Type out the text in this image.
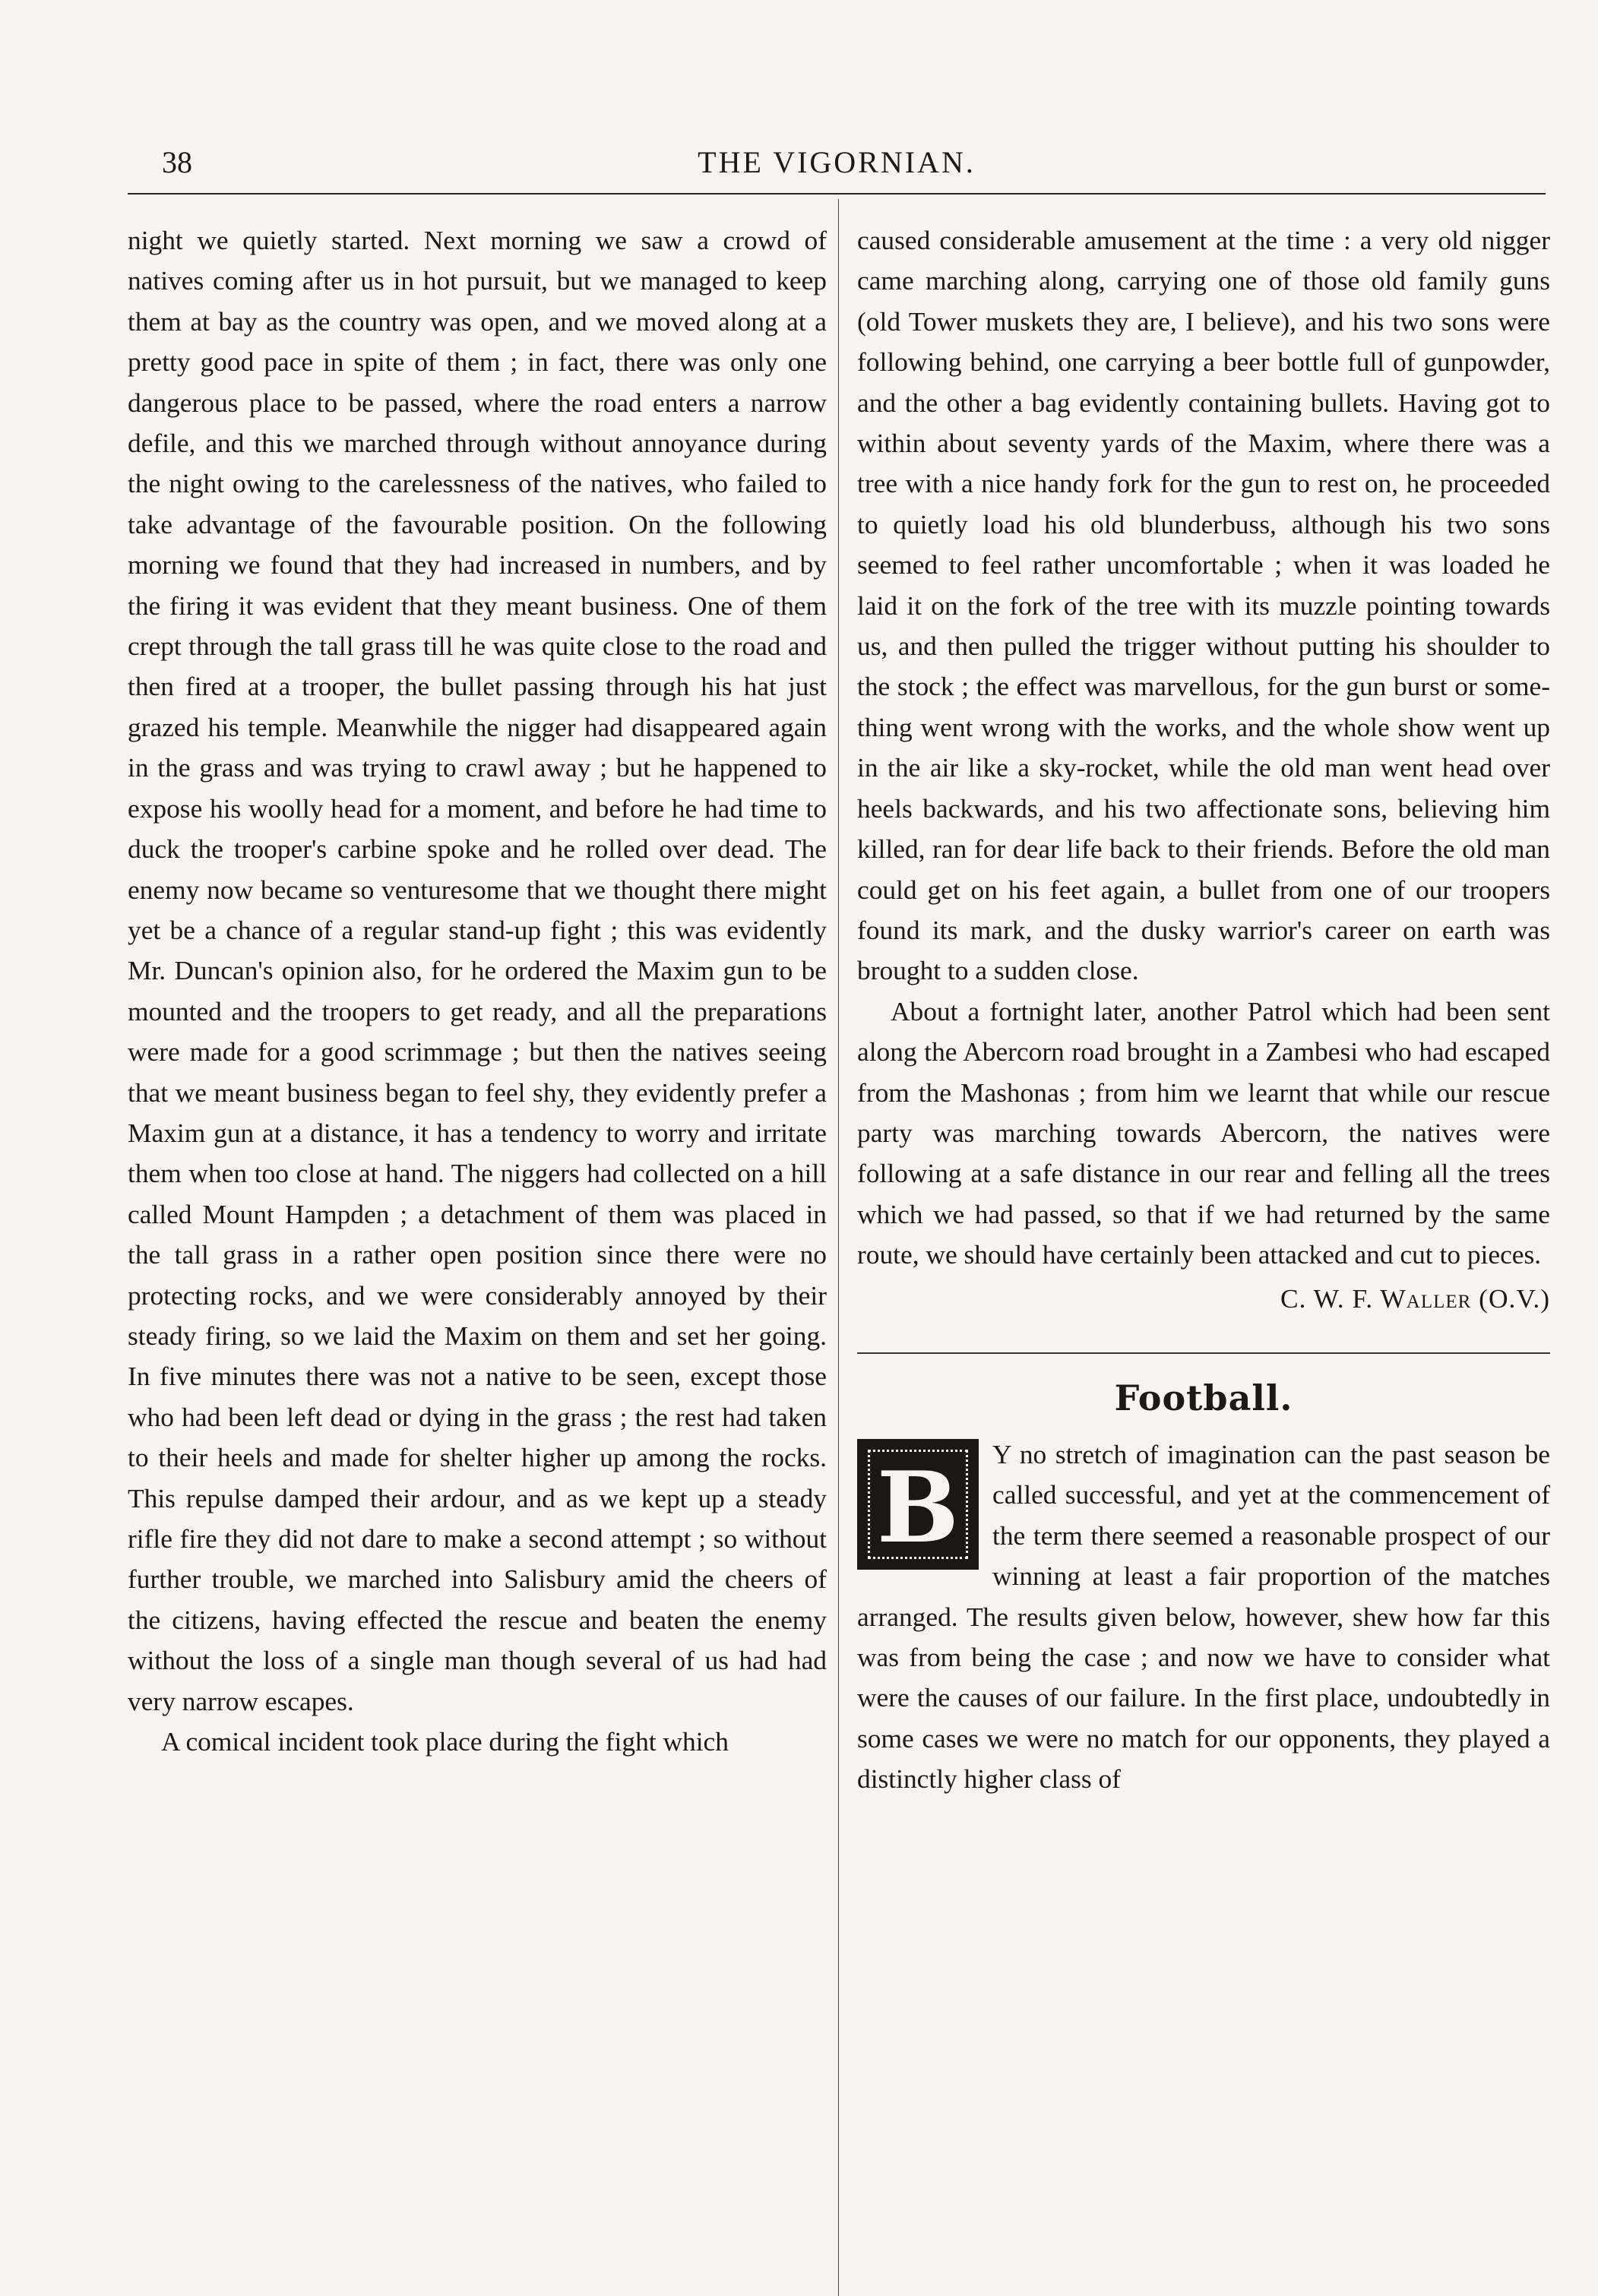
38	THE VIGORNIAN.

night we quietly started. Next morning we saw a crowd of natives coming after us in hot pursuit, but we managed to keep them at bay as the country was open, and we moved along at a pretty good pace in spite of them ; in fact, there was only one dangerous place to be passed, where the road enters a narrow defile, and this we marched through without annoyance during the night owing to the carelessness of the natives, who failed to take advantage of the favourable position. On the following morning we found that they had increased in numbers, and by the firing it was evident that they meant business. One of them crept through the tall grass till he was quite close to the road and then fired at a trooper, the bullet passing through his hat just grazed his temple. Meanwhile the nigger had disappeared again in the grass and was trying to crawl away ; but he happened to expose his woolly head for a moment, and before he had time to duck the trooper's carbine spoke and he rolled over dead. The enemy now became so venturesome that we thought there might yet be a chance of a regular stand-up fight ; this was evidently Mr. Duncan's opinion also, for he ordered the Maxim gun to be mounted and the troopers to get ready, and all the preparations were made for a good scrimmage ; but then the natives seeing that we meant business began to feel shy, they evidently prefer a Maxim gun at a distance, it has a tendency to worry and irritate them when too close at hand. The niggers had collected on a hill called Mount Hampden ; a detachment of them was placed in the tall grass in a rather open position since there were no protecting rocks, and we were considerably annoyed by their steady firing, so we laid the Maxim on them and set her going. In five minutes there was not a native to be seen, except those who had been left dead or dying in the grass ; the rest had taken to their heels and made for shelter higher up among the rocks. This repulse damped their ardour, and as we kept up a steady rifle fire they did not dare to make a second attempt ; so without further trouble, we marched into Salisbury amid the cheers of the citizens, having effected the rescue and beaten the enemy without the loss of a single man though several of us had had very narrow escapes.

A comical incident took place during the fight which

caused considerable amusement at the time : a very old nigger came marching along, carrying one of those old family guns (old Tower muskets they are, I believe), and his two sons were following behind, one carrying a beer bottle full of gunpowder, and the other a bag evidently containing bullets. Having got to within about seventy yards of the Maxim, where there was a tree with a nice handy fork for the gun to rest on, he proceeded to quietly load his old blunderbuss, although his two sons seemed to feel rather uncomfortable ; when it was loaded he laid it on the fork of the tree with its muzzle pointing towards us, and then pulled the trigger without putting his shoulder to the stock ; the effect was marvellous, for the gun burst or something went wrong with the works, and the whole show went up in the air like a sky-rocket, while the old man went head over heels backwards, and his two affectionate sons, believing him killed, ran for dear life back to their friends. Before the old man could get on his feet again, a bullet from one of our troopers found its mark, and the dusky warrior's career on earth was brought to a sudden close.

About a fortnight later, another Patrol which had been sent along the Abercorn road brought in a Zambesi who had escaped from the Mashonas ; from him we learnt that while our rescue party was marching towards Abercorn, the natives were following at a safe distance in our rear and felling all the trees which we had passed, so that if we had returned by the same route, we should have certainly been attacked and cut to pieces.

C. W. F. Waller (O.V.)
Football.

B	Y no stretch of imagination can the past season be called successful, and yet at the commencement of the term there seemed a reasonable prospect of our winning at least a fair proportion of the matches arranged. The results given below, however, shew how far this was from being the case ; and now we have to consider what were the causes of our failure. In the first place, undoubtedly in some cases we were no match for our opponents, they played a distinctly higher class of
